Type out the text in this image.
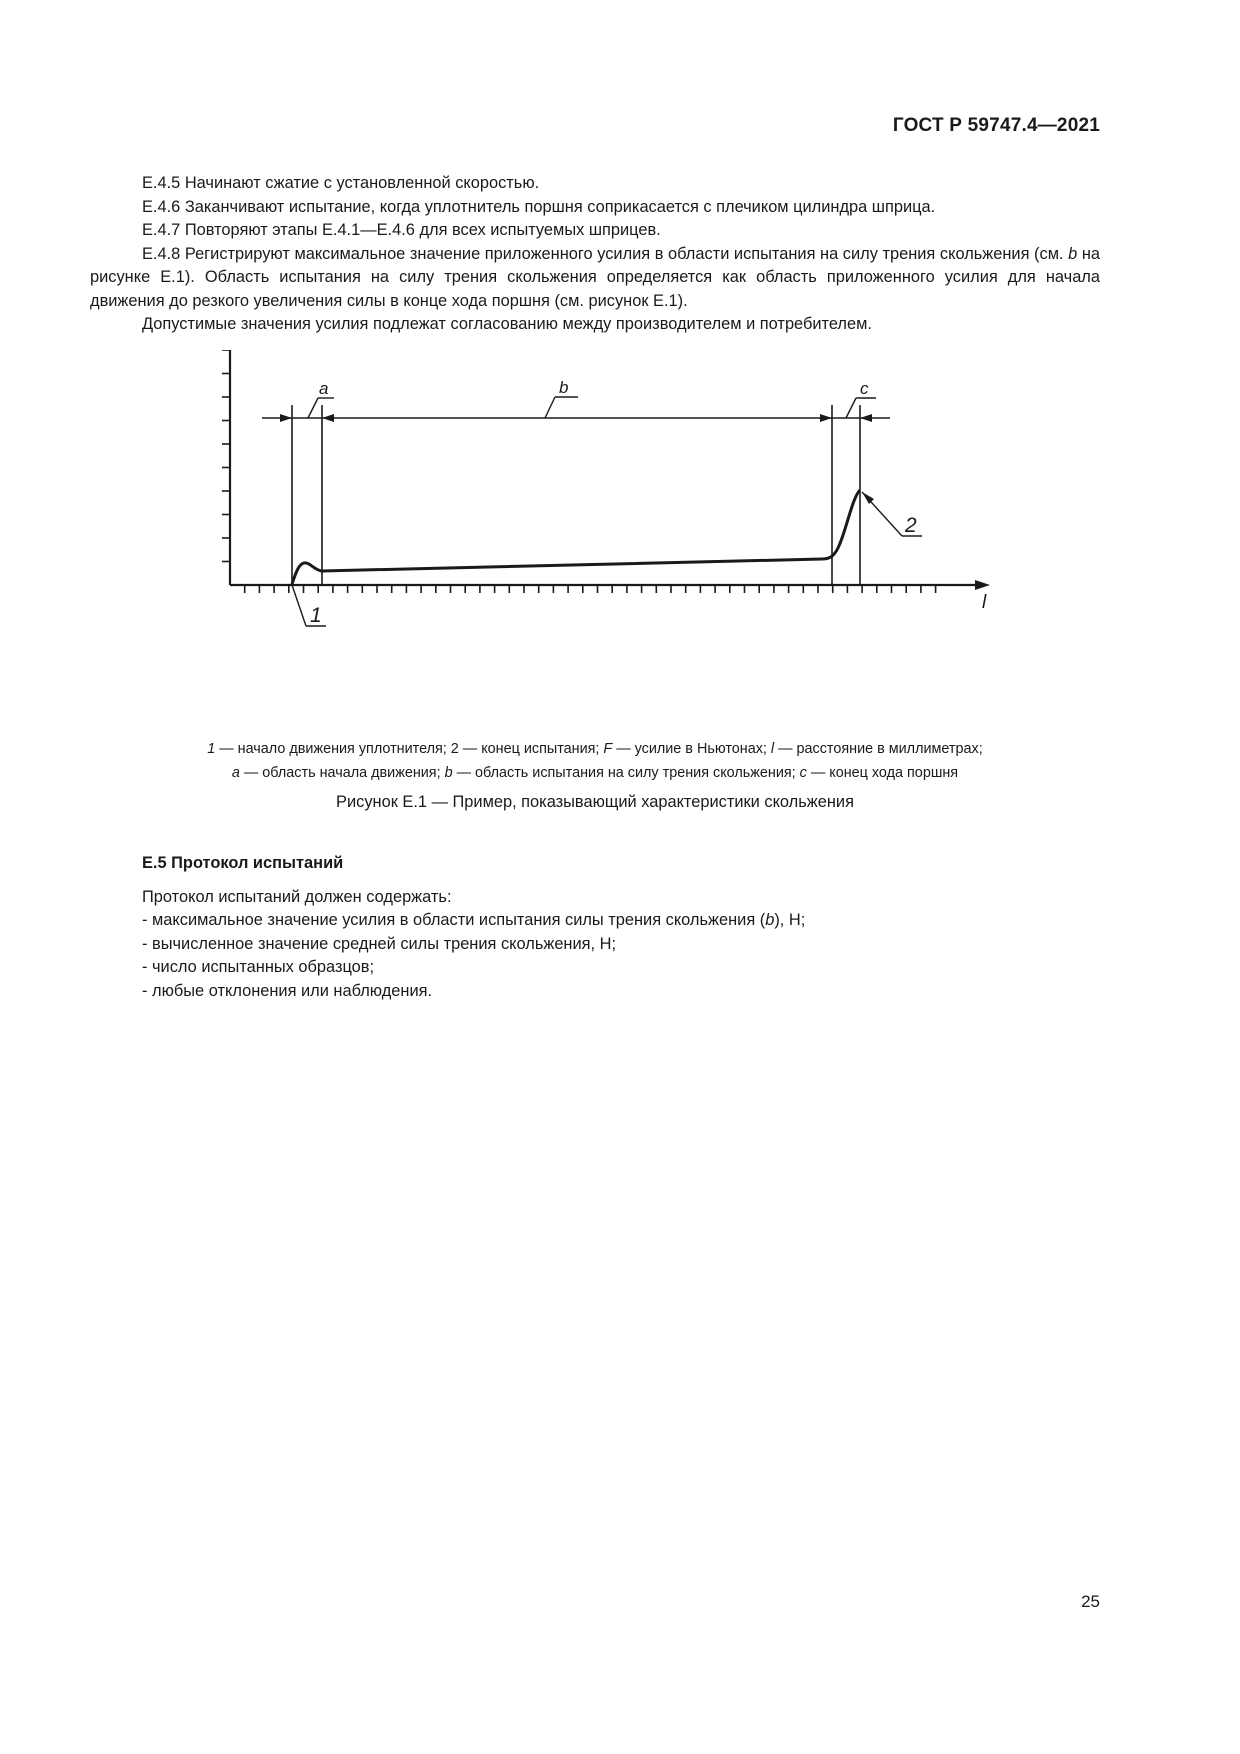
ГОСТ Р 59747.4—2021

Е.4.5 Начинают сжатие с установленной скоростью.

Е.4.6 Заканчивают испытание, когда уплотнитель поршня соприкасается с плечиком цилиндра шприца.

Е.4.7 Повторяют этапы Е.4.1—Е.4.6 для всех испытуемых шприцев.

Е.4.8 Регистрируют максимальное значение приложенного усилия в области испытания на силу трения скольжения (см. b на рисунке Е.1). Область испытания на силу трения скольжения определяется как область приложенного усилия для начала движения до резкого увеличения силы в конце хода поршня (см. рисунок Е.1).

Допустимые значения усилия подлежат согласованию между производителем и потребителем.

l
a	b	c
2
1
1 — начало движения уплотнителя; 2 — конец испытания; F — усилие в Ньютонах; l — расстояние в миллиметрах;
a — область начала движения; b — область испытания на силу трения скольжения; c — конец хода поршня
Рисунок Е.1 — Пример, показывающий характеристики скольжения
Е.5 Протокол испытаний

Протокол испытаний должен содержать:

- максимальное значение усилия в области испытания силы трения скольжения (b), Н;

- вычисленное значение средней силы трения скольжения, Н;

- число испытанных образцов;

- любые отклонения или наблюдения.

25
